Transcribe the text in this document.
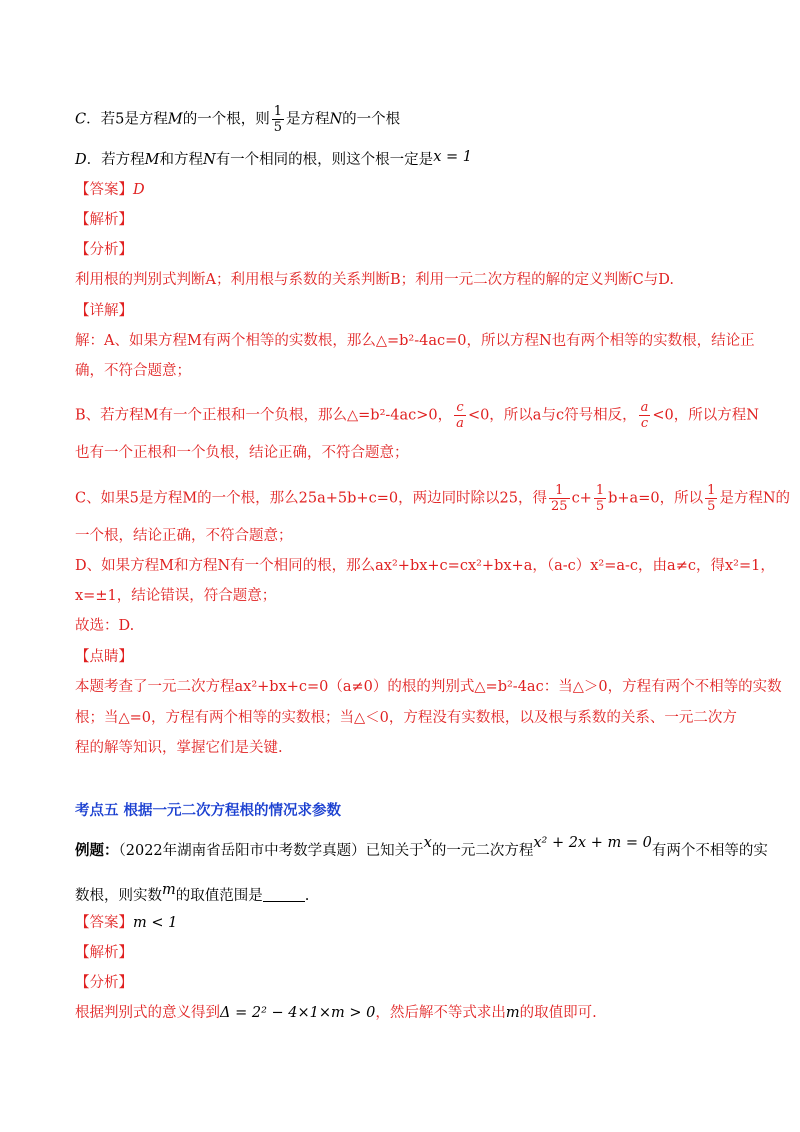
C．若5是方程M的一个根，则 $\frac{1}{5}$ 是方程N的一个根
D．若方程M和方程N有一个相同的根，则这个根一定是x = 1
【答案】D
【解析】
【分析】
利用根的判别式判断A；利用根与系数的关系判断B；利用一元二次方程的解的定义判断C与D.
【详解】
解：A、如果方程M有两个相等的实数根，那么△=b²-4ac=0，所以方程N也有两个相等的实数根，结论正
确，不符合题意；
B、若方程M有一个正根和一个负根，那么△=b²-4ac>0， $\frac{c}{a} <0$，所以a与c符号相反， $\frac{a}{c} <0$，所以方程N
也有一个正根和一个负根，结论正确，不符合题意；
C、如果5是方程M的一个根，那么25a+5b+c=0，两边同时除以25，得 $\frac{1}{25} c+ \frac{1}{5} b+a=0$，所以 $\frac{1}{5}$ 是方程N的
一个根，结论正确，不符合题意；
D、如果方程M和方程N有一个相同的根，那么ax²+bx+c=cx²+bx+a，（a-c）x²=a-c，由a≠c，得x²=1，
x=±1，结论错误，符合题意；
故选：D.
【点睛】
本题考查了一元二次方程ax²+bx+c=0（a≠0）的根的判别式△=b²-4ac：当△＞0，方程有两个不相等的实数
根；当△=0，方程有两个相等的实数根；当△＜0，方程没有实数根，以及根与系数的关系、一元二次方
程的解等知识，掌握它们是关键.
考点五 根据一元二次方程根的情况求参数
例题：（2022年湖南省岳阳市中考数学真题）已知关于x的一元二次方程x² + 2x + m = 0有两个不相等的实
数根，则实数m的取值范围是	.
【答案】m < 1
【解析】
【分析】
根据判别式的意义得到Δ = 2² − 4×1×m > 0，然后解不等式求出m的取值即可.
